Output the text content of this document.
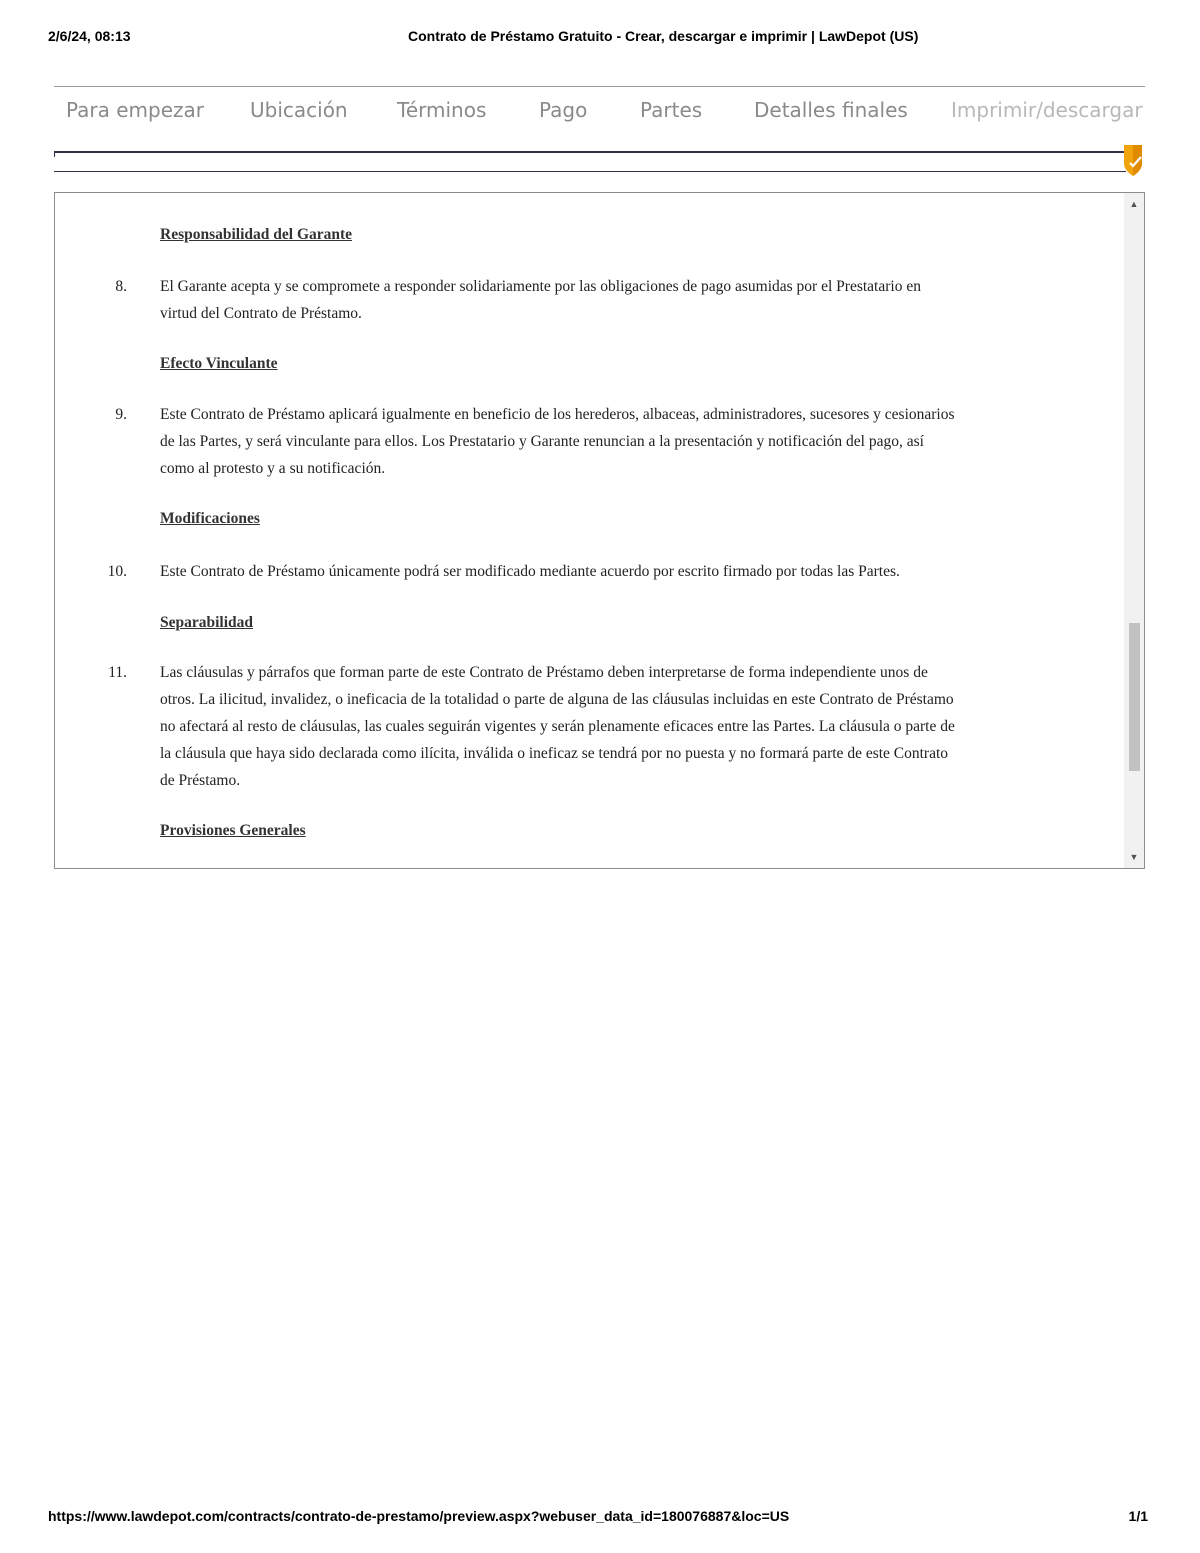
2/6/24, 08:13	Contrato de Préstamo Gratuito - Crear, descargar e imprimir | LawDepot (US)
Para empezar	Ubicación	Términos	Pago	Partes	Detalles finales	Imprimir/descargar
Responsabilidad del Garante
8. El Garante acepta y se compromete a responder solidariamente por las obligaciones de pago asumidas por el Prestatario en
virtud del Contrato de Préstamo.
Efecto Vinculante
9. Este Contrato de Préstamo aplicará igualmente en beneficio de los herederos, albaceas, administradores, sucesores y cesionarios
de las Partes, y será vinculante para ellos. Los Prestatario y Garante renuncian a la presentación y notificación del pago, así
como al protesto y a su notificación.
Modificaciones
10. Este Contrato de Préstamo únicamente podrá ser modificado mediante acuerdo por escrito firmado por todas las Partes.
Separabilidad
11. Las cláusulas y párrafos que forman parte de este Contrato de Préstamo deben interpretarse de forma independiente unos de
otros. La ilicitud, invalidez, o ineficacia de la totalidad o parte de alguna de las cláusulas incluidas en este Contrato de Préstamo
no afectará al resto de cláusulas, las cuales seguirán vigentes y serán plenamente eficaces entre las Partes. La cláusula o parte de
la cláusula que haya sido declarada como ilícita, inválida o ineficaz se tendrá por no puesta y no formará parte de este Contrato
de Préstamo.
Provisiones Generales
▲
▼
https://www.lawdepot.com/contracts/contrato-de-prestamo/preview.aspx?webuser_data_id=180076887&loc=US	1/1
